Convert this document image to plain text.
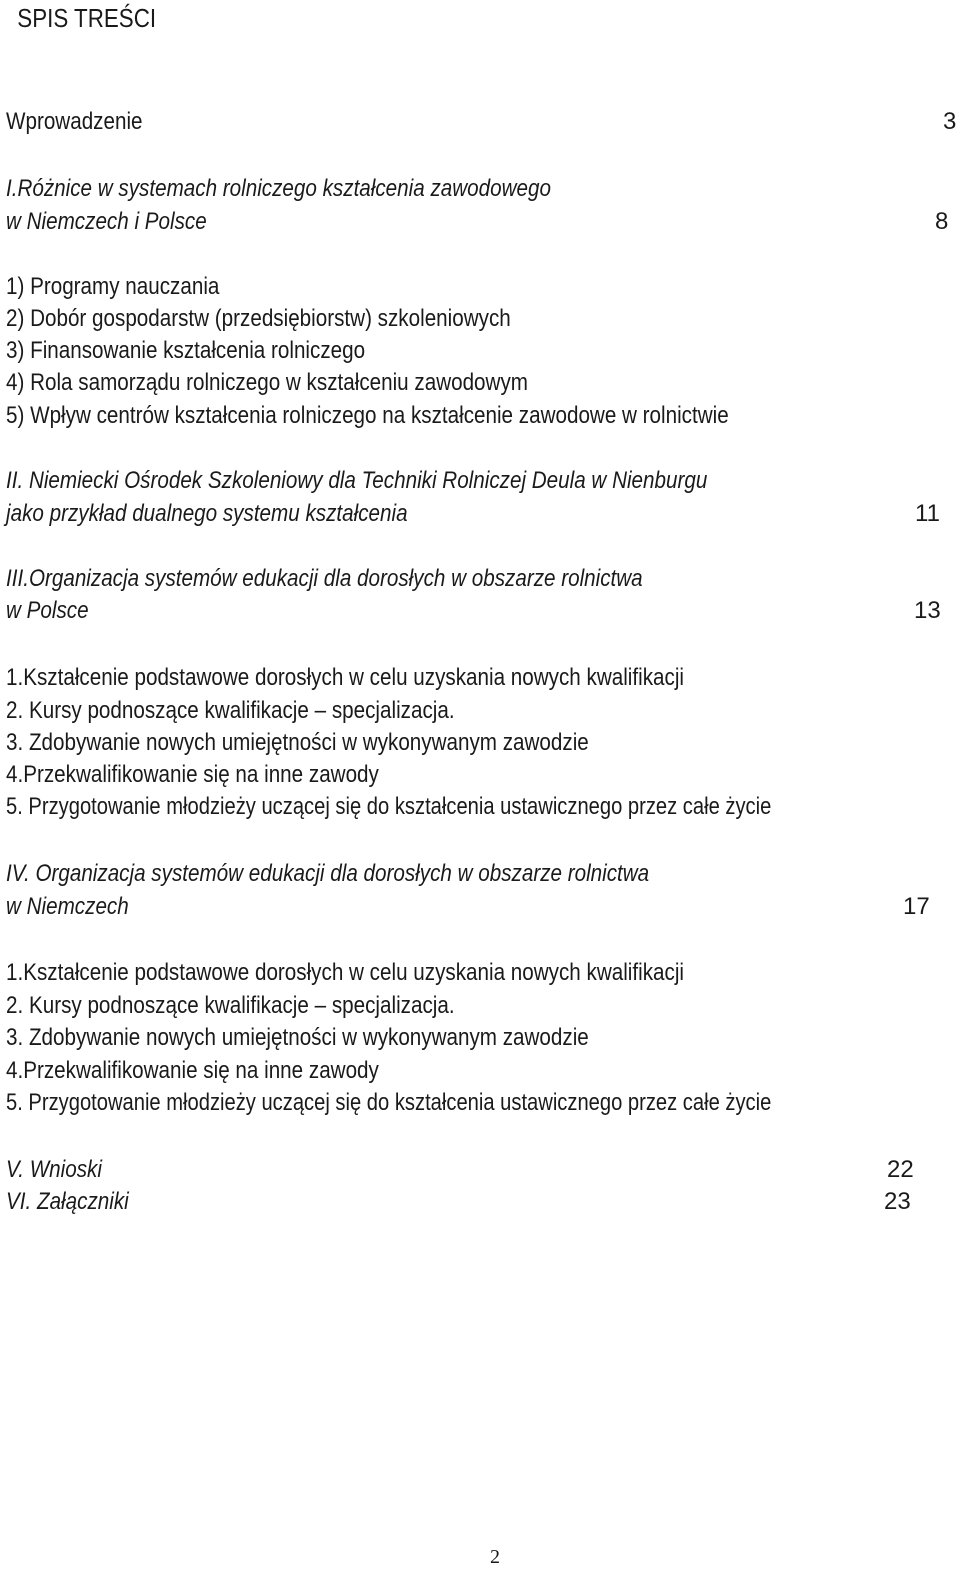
SPIS TREŚCI
Wprowadzenie	3
I.Różnice w systemach rolniczego kształcenia zawodowego
w Niemczech i Polsce	8
1) Programy nauczania
2) Dobór gospodarstw (przedsiębiorstw) szkoleniowych
3) Finansowanie kształcenia rolniczego
4) Rola samorządu rolniczego w kształceniu zawodowym
5) Wpływ centrów kształcenia rolniczego na kształcenie zawodowe w rolnictwie
II. Niemiecki Ośrodek Szkoleniowy dla Techniki Rolniczej Deula w Nienburgu
jako przykład dualnego systemu kształcenia	11
III.Organizacja systemów edukacji dla dorosłych w obszarze rolnictwa
w Polsce	13
1.Kształcenie podstawowe dorosłych w celu uzyskania nowych kwalifikacji
2. Kursy podnoszące kwalifikacje – specjalizacja.
3. Zdobywanie nowych umiejętności w wykonywanym zawodzie
4.Przekwalifikowanie się na inne zawody
5. Przygotowanie młodzieży uczącej się do kształcenia ustawicznego przez całe życie
IV. Organizacja systemów edukacji dla dorosłych w obszarze rolnictwa
w Niemczech	17
1.Kształcenie podstawowe dorosłych w celu uzyskania nowych kwalifikacji
2. Kursy podnoszące kwalifikacje – specjalizacja.
3. Zdobywanie nowych umiejętności w wykonywanym zawodzie
4.Przekwalifikowanie się na inne zawody
5. Przygotowanie młodzieży uczącej się do kształcenia ustawicznego przez całe życie
V. Wnioski	22
VI. Załączniki	23
2
